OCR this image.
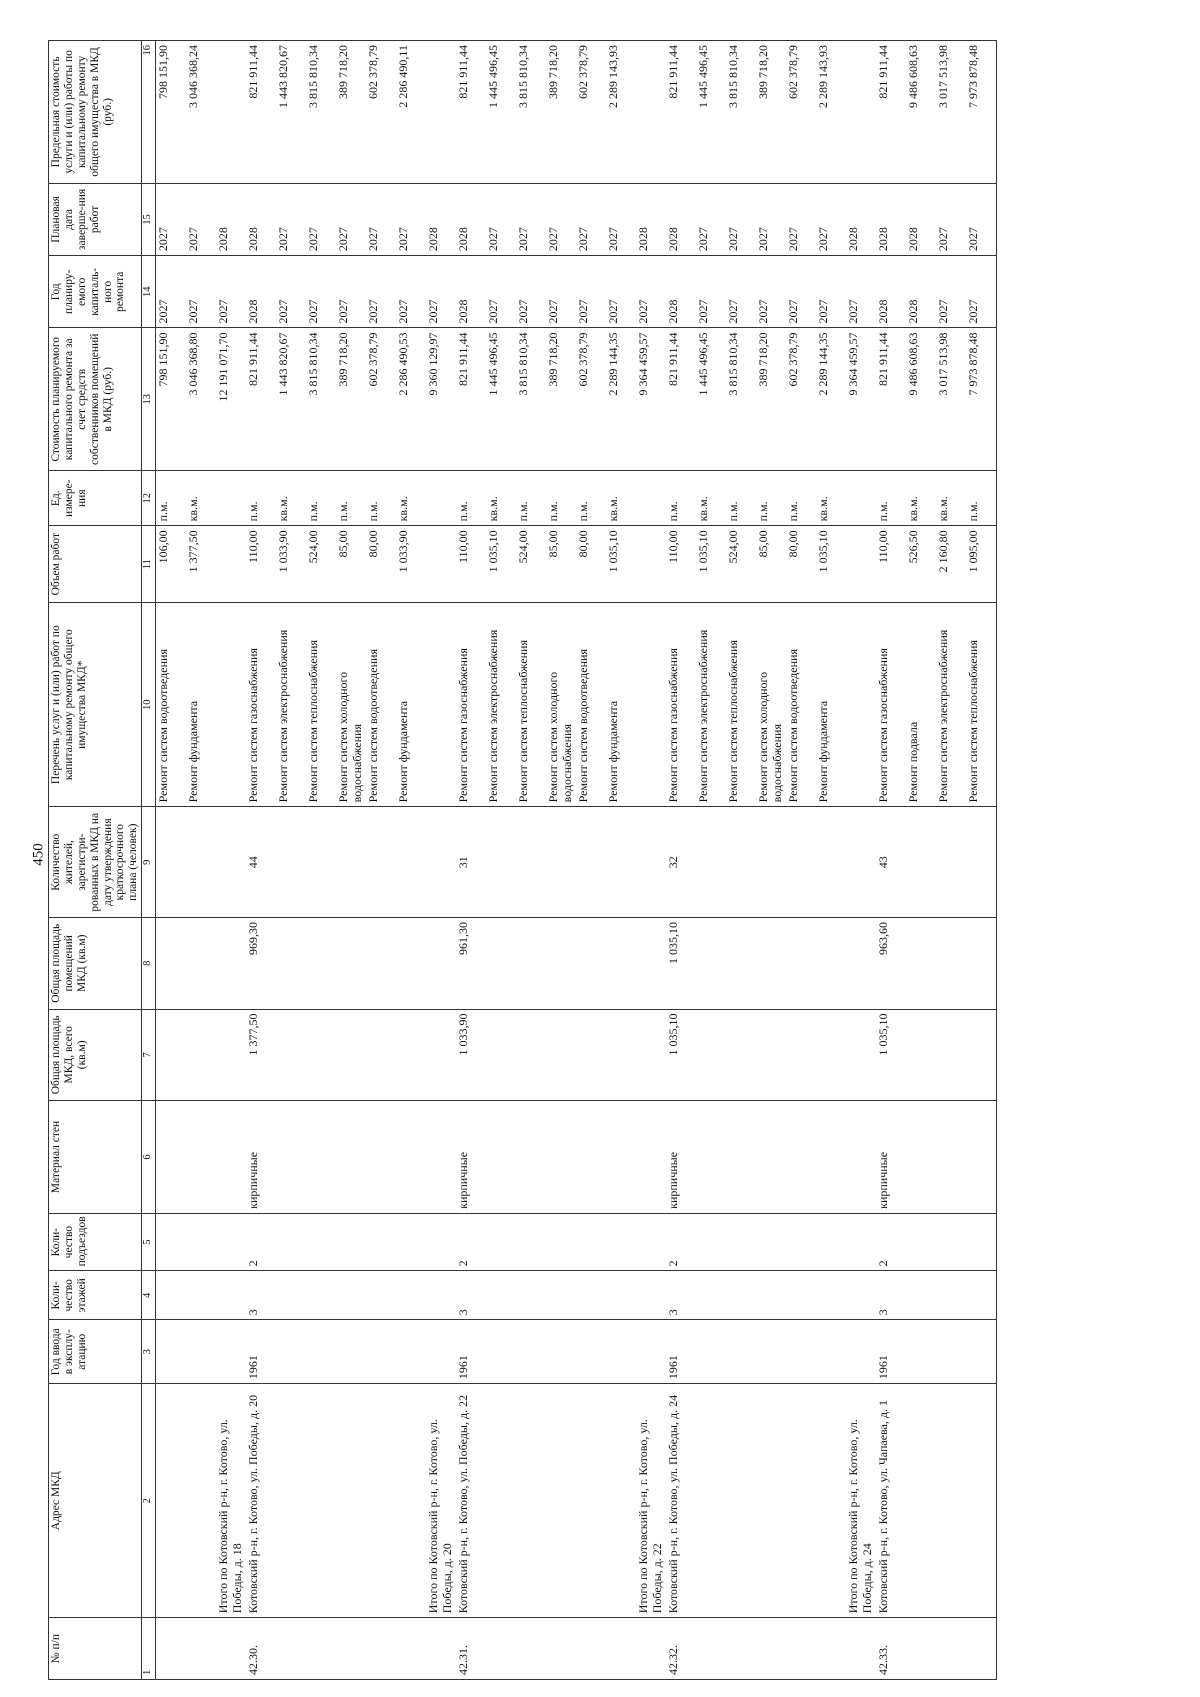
450
№ п/п	Адрес МКД	Год ввода в эксплу-атацию	Коли-чество этажей	Коли-чество подъездов	Материал стен	Общая площадь МКД, всего (кв.м)	Общая площадь помещений МКД (кв.м)	Количество жителей, зарегистри-рованных в МКД на дату утверждения краткосрочного плана (человек)	Перечень услуг и (или) работ по капитальному ремонту общего имущества МКД*	Объем работ	Ед. измере-ния	Стоимость планируемого капитального ремонта за счет средств собственников помещений в МКД (руб.)	Год планиру-емого капиталь-ного ремонта	Плановая дата заверше-ния работ	Предельная стоимость услуги и (или) работы по капитальному ремонту общего имущества в МКД (руб.)
1	2	3	4	5	6	7	8	9	10	11	12	13	14	15	16
									Ремонт систем водоотведения	106,00	п.м.	798 151,90	2027	2027	798 151,90
									Ремонт фундамента	1 377,50	кв.м.	3 046 368,80	2027	2027	3 046 368,24
	Итого по Котовский р-н, г. Котово, ул. Победы, д. 18											12 191 071,70	2027	2028	
42.30.	Котовский р-н, г. Котово, ул. Победы, д. 20	1961	3	2	кирпичные	1 377,50	969,30	44	Ремонт систем газоснабжения	110,00	п.м.	821 911,44	2028	2028	821 911,44
									Ремонт систем электроснабжения	1 033,90	кв.м.	1 443 820,67	2027	2027	1 443 820,67
									Ремонт систем теплоснабжения	524,00	п.м.	3 815 810,34	2027	2027	3 815 810,34
									Ремонт систем холодного водоснабжения	85,00	п.м.	389 718,20	2027	2027	389 718,20
									Ремонт систем водоотведения	80,00	п.м.	602 378,79	2027	2027	602 378,79
									Ремонт фундамента	1 033,90	кв.м.	2 286 490,53	2027	2027	2 286 490,11
	Итого по Котовский р-н, г. Котово, ул. Победы, д. 20											9 360 129,97	2027	2028	
42.31.	Котовский р-н, г. Котово, ул. Победы, д. 22	1961	3	2	кирпичные	1 033,90	961,30	31	Ремонт систем газоснабжения	110,00	п.м.	821 911,44	2028	2028	821 911,44
									Ремонт систем электроснабжения	1 035,10	кв.м.	1 445 496,45	2027	2027	1 445 496,45
									Ремонт систем теплоснабжения	524,00	п.м.	3 815 810,34	2027	2027	3 815 810,34
									Ремонт систем холодного водоснабжения	85,00	п.м.	389 718,20	2027	2027	389 718,20
									Ремонт систем водоотведения	80,00	п.м.	602 378,79	2027	2027	602 378,79
									Ремонт фундамента	1 035,10	кв.м.	2 289 144,35	2027	2027	2 289 143,93
	Итого по Котовский р-н, г. Котово, ул. Победы, д. 22											9 364 459,57	2027	2028	
42.32.	Котовский р-н, г. Котово, ул. Победы, д. 24	1961	3	2	кирпичные	1 035,10	1 035,10	32	Ремонт систем газоснабжения	110,00	п.м.	821 911,44	2028	2028	821 911,44
									Ремонт систем электроснабжения	1 035,10	кв.м.	1 445 496,45	2027	2027	1 445 496,45
									Ремонт систем теплоснабжения	524,00	п.м.	3 815 810,34	2027	2027	3 815 810,34
									Ремонт систем холодного водоснабжения	85,00	п.м.	389 718,20	2027	2027	389 718,20
									Ремонт систем водоотведения	80,00	п.м.	602 378,79	2027	2027	602 378,79
									Ремонт фундамента	1 035,10	кв.м.	2 289 144,35	2027	2027	2 289 143,93
	Итого по Котовский р-н, г. Котово, ул. Победы, д. 24											9 364 459,57	2027	2028	
42.33.	Котовский р-н, г. Котово, ул. Чапаева, д. 1	1961	3	2	кирпичные	1 035,10	963,60	43	Ремонт систем газоснабжения	110,00	п.м.	821 911,44	2028	2028	821 911,44
									Ремонт подвала	526,50	кв.м.	9 486 608,63	2028	2028	9 486 608,63
									Ремонт систем электроснабжения	2 160,80	кв.м.	3 017 513,98	2027	2027	3 017 513,98
									Ремонт систем теплоснабжения	1 095,00	п.м.	7 973 878,48	2027	2027	7 973 878,48
